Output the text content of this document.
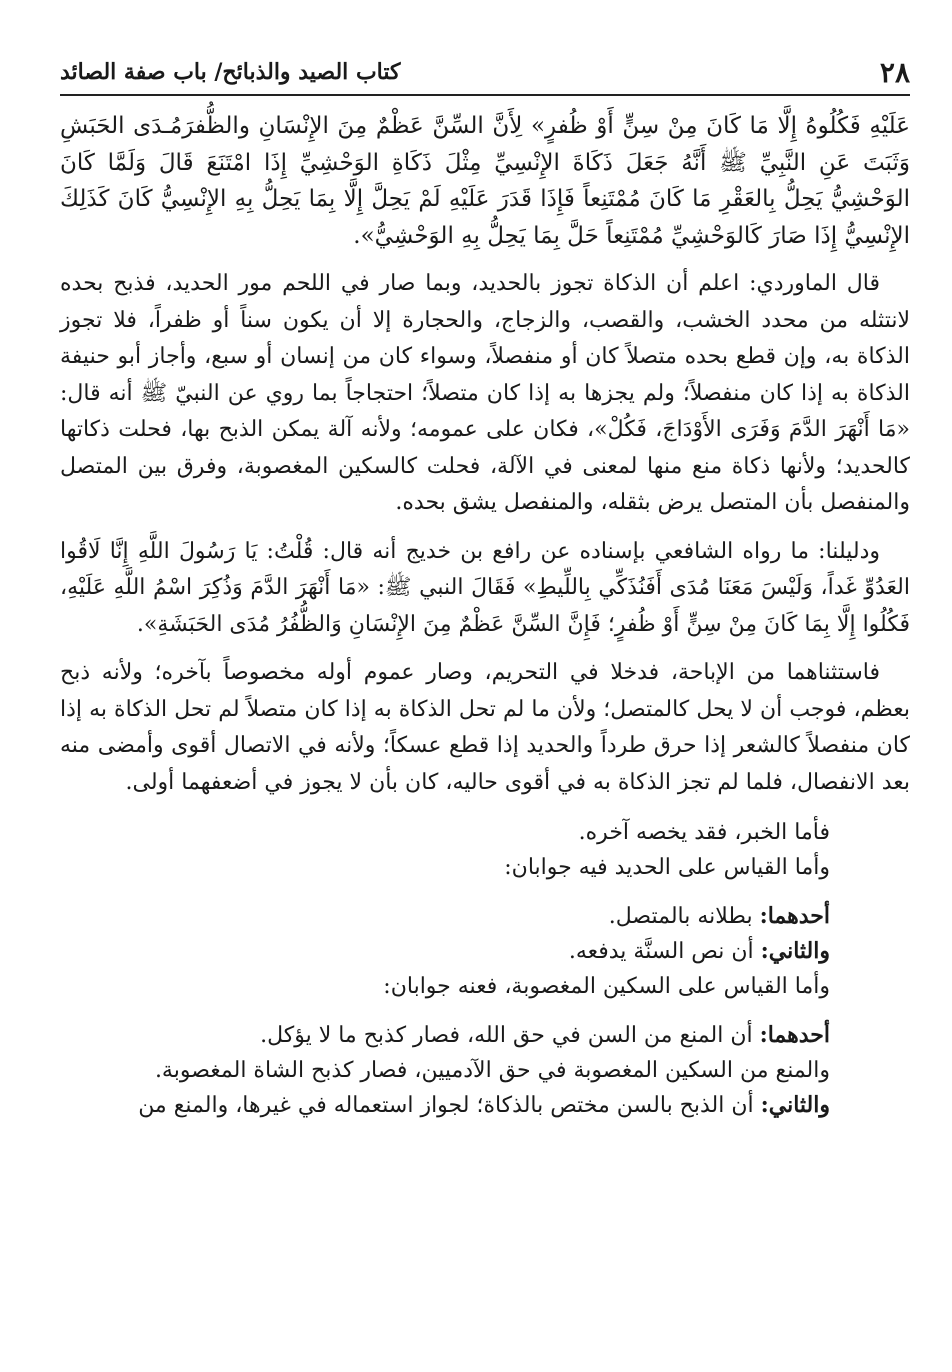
٢٨
كتاب الصيد والذبائح/ باب صفة الصائد

عَلَيْهِ فَكُلُوهُ إِلَّا مَا كَانَ مِنْ سِنٍّ أَوْ ظُفرٍ» لِأَنَّ السِّنَّ عَظْمٌ مِنَ الإِنْسَانِ والظُّفرَمُـدَى الحَبَشِ وَثَبَتَ عَنِ النَّبِيِّ ﷺ أَنَّهُ جَعَلَ ذَكَاةَ الإِنْسِيِّ مِثْلَ ذَكَاةِ الوَحْشِيِّ إِذَا امْتَنَعَ قَالَ وَلَمَّا كَانَ الوَحْشِيُّ يَحِلُّ بِالعَقْرِ مَا كَانَ مُمْتَنِعاً فَإِذَا قَدَرَ عَلَيْهِ لَمْ يَحِلَّ إِلَّا بِمَا يَحِلُّ بِهِ الإِنْسِيُّ كَانَ كَذَلِكَ الإِنْسِيُّ إِذَا صَارَ كَالوَحْشِيِّ مُمْتَنِعاً حَلَّ بِمَا يَحِلُّ بِهِ الوَحْشِيُّ».

قال الماوردي: اعلم أن الذكاة تجوز بالحديد، وبما صار في اللحم مور الحديد، فذبح بحده لانتثله من محدد الخشب، والقصب، والزجاج، والحجارة إلا أن يكون سناً أو ظفراً، فلا تجوز الذكاة به، وإن قطع بحده متصلاً كان أو منفصلاً، وسواء كان من إنسان أو سبع، وأجاز أبو حنيفة الذكاة به إذا كان منفصلاً؛ ولم يجزها به إذا كان متصلاً؛ احتجاجاً بما روي عن النبيّ ﷺ أنه قال: «مَا أَنْهَرَ الدَّمَ وَفَرَى الأَوْدَاجَ، فَكُلْ»، فكان على عمومه؛ ولأنه آلة يمكن الذبح بها، فحلت ذكاتها كالحديد؛ ولأنها ذكاة منع منها لمعنى في الآلة، فحلت كالسكين المغصوبة، وفرق بين المتصل والمنفصل بأن المتصل يرض بثقله، والمنفصل يشق بحده.

ودليلنا: ما رواه الشافعي بإسناده عن رافع بن خديج أنه قال: قُلْتُ: يَا رَسُولَ اللَّهِ إِنَّا لَاقُوا العَدُوِّ غَداً، وَلَيْسَ مَعَنَا مُدَى أَفَنُذَكِّي بِاللِّيطِ» فَقَالَ النبي ﷺ: «مَا أَنْهَرَ الدَّمَ وَذُكِرَ اسْمُ اللَّهِ عَلَيْهِ، فَكُلُوا إِلَّا بِمَا كَانَ مِنْ سِنٍّ أَوْ ظُفرٍ؛ فَإِنَّ السِّنَّ عَظْمٌ مِنَ الإِنْسَانِ وَالظُّفُرُ مُدَى الحَبَشَةِ».

فاستثناهما من الإباحة، فدخلا في التحريم، وصار عموم أوله مخصوصاً بآخره؛ ولأنه ذبح بعظم، فوجب أن لا يحل كالمتصل؛ ولأن ما لم تحل الذكاة به إذا كان متصلاً لم تحل الذكاة به إذا كان منفصلاً كالشعر إذا حرق طرداً والحديد إذا قطع عسكاً؛ ولأنه في الاتصال أقوى وأمضى منه بعد الانفصال، فلما لم تجز الذكاة به في أقوى حاليه، كان بأن لا يجوز في أضعفهما أولى.

فأما الخبر، فقد يخصه آخره.

وأما القياس على الحديد فيه جوابان:

أحدهما: بطلانه بالمتصل.

والثاني: أن نص السنَّة يدفعه.

وأما القياس على السكين المغصوبة، فعنه جوابان:

أحدهما: أن المنع من السن في حق الله، فصار كذبح ما لا يؤكل.

والمنع من السكين المغصوبة في حق الآدميين، فصار كذبح الشاة المغصوبة.

والثاني: أن الذبح بالسن مختص بالذكاة؛ لجواز استعماله في غيرها، والمنع من
